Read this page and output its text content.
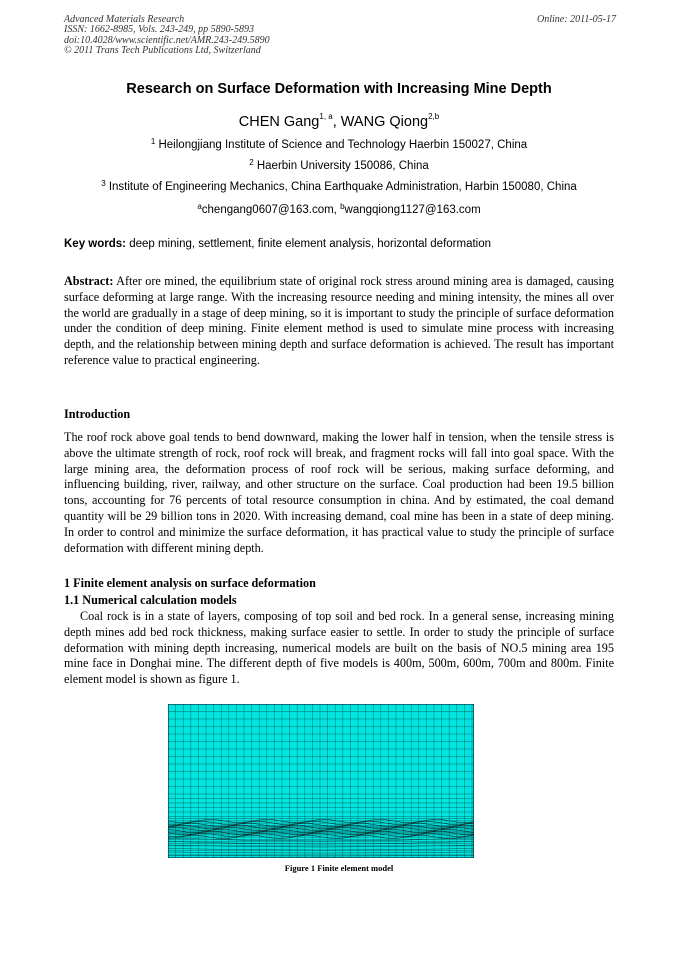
Advanced Materials Research
ISSN: 1662-8985, Vols. 243-249, pp 5890-5893
doi:10.4028/www.scientific.net/AMR.243-249.5890
© 2011 Trans Tech Publications Ltd, Switzerland
Online: 2011-05-17
Research on Surface Deformation with Increasing Mine Depth
CHEN Gang$^{1, a}$, WANG Qiong$^{2,b}$
$^1$ Heilongjiang Institute of Science and Technology Haerbin 150027, China
$^2$ Haerbin University 150086, China
$^3$ Institute of Engineering Mechanics, China Earthquake Administration, Harbin 150080, China
$^a$chengang0607@163.com, $^b$wangqiong1127@163.com
Key words: deep mining, settlement, finite element analysis, horizontal deformation
Abstract: After ore mined, the equilibrium state of original rock stress around mining area is damaged, causing surface deforming at large range. With the increasing resource needing and mining intensity, the mines all over the world are gradually in a stage of deep mining, so it is important to study the principle of surface deformation under the condition of deep mining. Finite element method is used to simulate mine process with increasing depth, and the relationship between mining depth and surface deformation is achieved. The result has important reference value to practical engineering.
Introduction
The roof rock above goal tends to bend downward, making the lower half in tension, when the tensile stress is above the ultimate strength of rock, roof rock will break, and fragment rocks will fall into goal space. With the large mining area, the deformation process of roof rock will be serious, making surface deforming, and influencing building, river, railway, and other structure on the surface. Coal production had been 19.5 billion tons, accounting for 76 percents of total resource consumption in china. And by estimated, the coal demand quantity will be 29 billion tons in 2020. With increasing demand, coal mine has been in a state of deep mining. In order to control and minimize the surface deformation, it has practical value to study the principle of surface deformation with different mining depth.
1 Finite element analysis on surface deformation
1.1 Numerical calculation models
Coal rock is in a state of layers, composing of top soil and bed rock. In a general sense, increasing mining depth mines add bed rock thickness, making surface easier to settle. In order to study the principle of surface deformation with mining depth increasing, numerical models are built on the basis of NO.5 mining area 195 mine face in Donghai mine. The different depth of five models is 400m, 500m, 600m, 700m and 800m. Finite element model is shown as figure 1.
Figure 1 Finite element model
